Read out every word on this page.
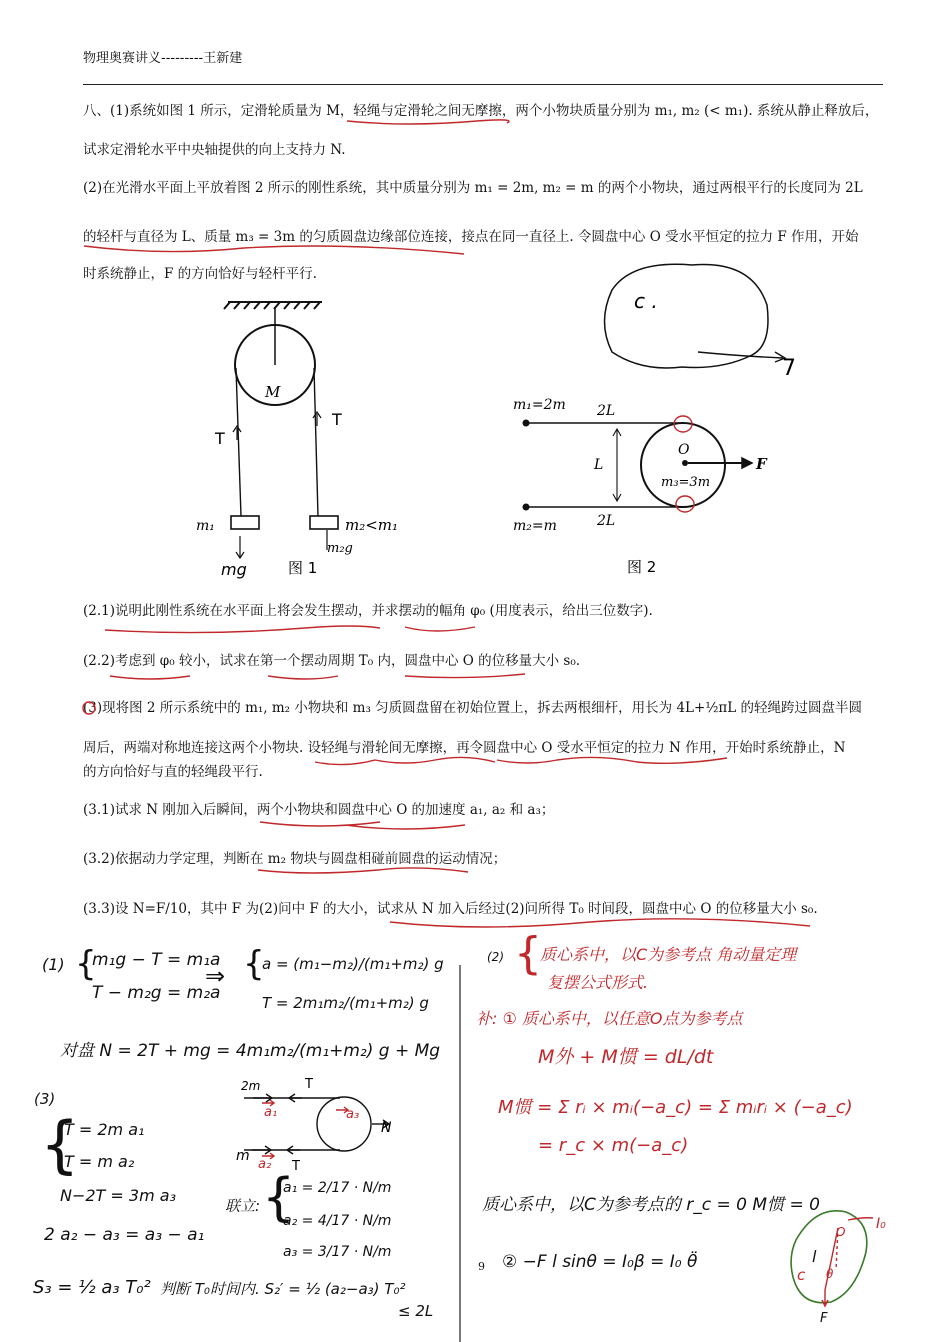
物理奥赛讲义---------王新建
八、(1)系统如图 1 所示，定滑轮质量为 M，轻绳与定滑轮之间无摩擦，两个小物块质量分别为 m₁, m₂ (< m₁). 系统从静止释放后，
试求定滑轮水平中央轴提供的向上支持力 N.
(2)在光滑水平面上平放着图 2 所示的刚性系统，其中质量分别为 m₁ = 2m, m₂ = m 的两个小物块，通过两根平行的长度同为 2L
的轻杆与直径为 L、质量 m₃ = 3m 的匀质圆盘边缘部位连接，接点在同一直径上. 令圆盘中心 O 受水平恒定的拉力 F 作用，开始
时系统静止，F 的方向恰好与轻杆平行.
(2.1)说明此刚性系统在水平面上将会发生摆动，并求摆动的幅角 φ₀ (用度表示，给出三位数字).
(2.2)考虑到 φ₀ 较小，试求在第一个摆动周期 T₀ 内，圆盘中心 O 的位移量大小 s₀.
(3)现将图 2 所示系统中的 m₁, m₂ 小物块和 m₃ 匀质圆盘留在初始位置上，拆去两根细杆，用长为 4L+½πL 的轻绳跨过圆盘半圆
周后，两端对称地连接这两个小物块. 设轻绳与滑轮间无摩擦，再令圆盘中心 O 受水平恒定的拉力 N 作用，开始时系统静止，N
的方向恰好与直的轻绳段平行.
(3.1)试求 N 刚加入后瞬间，两个小物块和圆盘中心 O 的加速度 a₁, a₂ 和 a₃；
(3.2)依据动力学定理，判断在 m₂ 物块与圆盘相碰前圆盘的运动情况；
(3.3)设 N=F/10，其中 F 为(2)问中 F 的大小，试求从 N 加入后经过(2)问所得 T₀ 时间段，圆盘中心 O 的位移量大小 s₀.
M
T
T
m₁	m₂<m₁
mg
m₂g
图 1
m₁=2m
m₂=m
2L
2L
L
O
m₃=3m
F
图 2
c .
7
(1) {
m₁g − T = m₁a
T − m₂g = m₂a
⇒ {
a = (m₁−m₂)/(m₁+m₂) g
T = 2m₁m₂/(m₁+m₂) g
对盘 N = 2T + mg = 4m₁m₂/(m₁+m₂) g + Mg
(3)
{
T = 2m a₁
T = m a₂
N−2T = 3m a₃
2 a₂ − a₃ = a₃ − a₁
联立: {
a₁ = 2/17 · N/m
a₂ = 4/17 · N/m
a₃ = 3/17 · N/m
S₃ = ½ a₃ T₀² 判断 T₀时间内. S₂′ = ½ (a₂−a₃) T₀²
≤ 2L
2m	T
a₁	a₃
N
m
a₂ T
(2) {
质心系中，以C为参考点 角动量定理
复摆公式形式.
补: ① 质心系中，以任意O点为参考点
M外 + M惯 = dL/dt
M惯 = Σ rᵢ × mᵢ(−a_c) = Σ mᵢrᵢ × (−a_c)
= r_c × m(−a_c)
质心系中，以C为参考点的 r_c = 0 M惯 = 0
② −F l sinθ = I₀β = I₀ θ̈
9
I₀
l
c θ
F
O
